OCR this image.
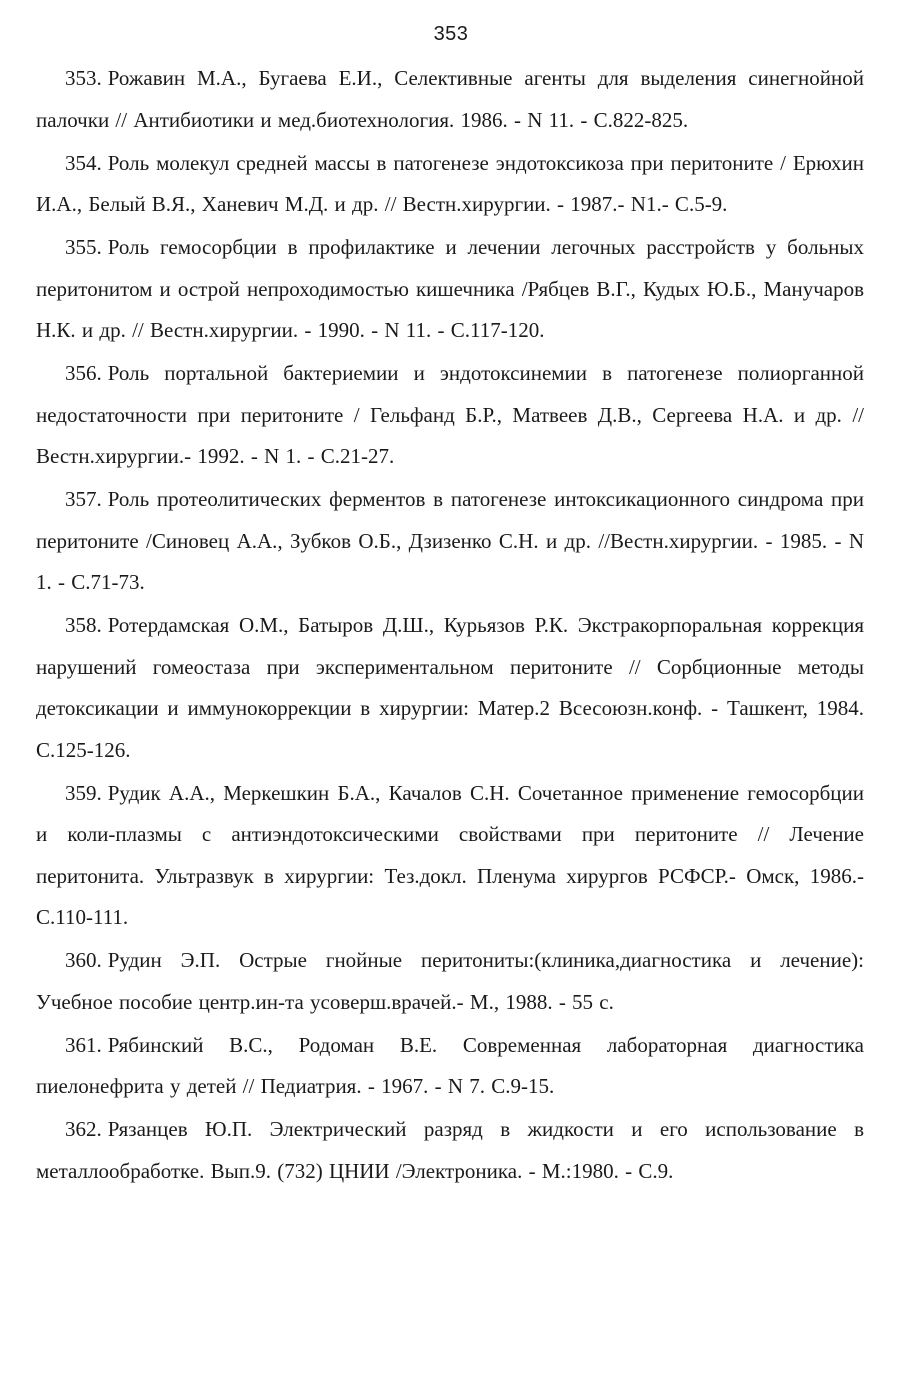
353

353. Рожавин М.А., Бугаева Е.И., Селективные агенты для выделения синегнойной палочки // Антибиотики и мед.биотехнология. 1986. - N 11. - С.822-825.

354. Роль молекул средней массы в патогенезе эндотоксикоза при перитоните / Ерюхин И.А., Белый В.Я., Ханевич М.Д. и др. // Вестн.хирургии. - 1987.- N1.- С.5-9.

355. Роль гемосорбции в профилактике и лечении легочных расстройств у больных перитонитом и острой непроходимостью кишечника /Рябцев В.Г., Кудых Ю.Б., Манучаров Н.К. и др. // Вестн.хирургии. - 1990. - N 11. - С.117-120.

356. Роль портальной бактериемии и эндотоксинемии в патогенезе полиорганной недостаточности при перитоните / Гельфанд Б.Р., Матвеев Д.В., Сергеева Н.А. и др. // Вестн.хирургии.- 1992. - N 1. - С.21-27.

357. Роль протеолитических ферментов в патогенезе интоксикационного синдрома при перитоните /Синовец А.А., Зубков О.Б., Дзизенко С.Н. и др. //Вестн.хирургии. - 1985. - N 1. - С.71-73.

358. Ротердамская О.М., Батыров Д.Ш., Курьязов Р.К. Экстракорпоральная коррекция нарушений гомеостаза при экспериментальном перитоните // Сорбционные методы детоксикации и иммунокоррекции в хирургии: Матер.2 Всесоюзн.конф. - Ташкент, 1984. С.125-126.

359. Рудик А.А., Меркешкин Б.А., Качалов С.Н. Сочетанное применение гемосорбции и коли-плазмы с антиэндотоксическими свойствами при перитоните // Лечение перитонита. Ультразвук в хирургии: Тез.докл. Пленума хирургов РСФСР.- Омск, 1986.- С.110-111.

360. Рудин Э.П. Острые гнойные перитониты:(клиника,диагностика и лечение): Учебное пособие центр.ин-та усоверш.врачей.- М., 1988. - 55 с.

361. Рябинский В.С., Родоман В.Е. Современная лабораторная диагностика пиелонефрита у детей // Педиатрия. - 1967. - N 7. С.9-15.

362. Рязанцев Ю.П. Электрический разряд в жидкости и его использование в металлообработке. Вып.9. (732) ЦНИИ /Электроника. - М.:1980. - С.9.
